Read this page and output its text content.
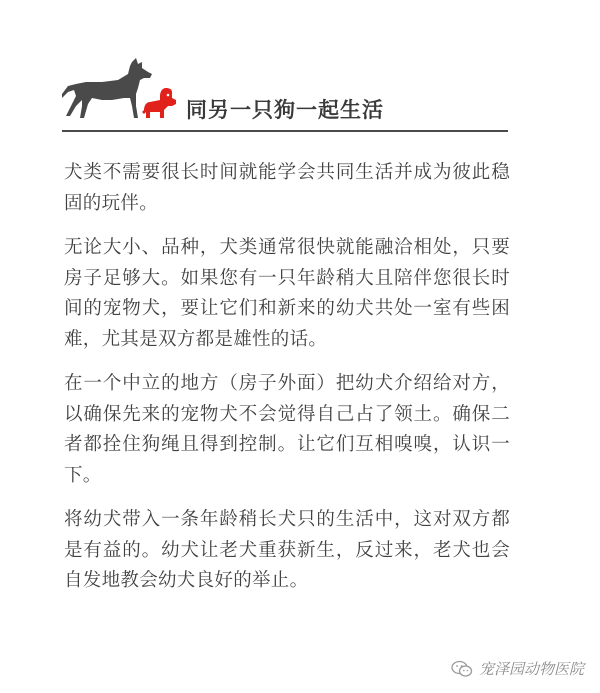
同另一只狗一起生活

犬类不需要很长时间就能学会共同生活并成为彼此稳固的玩伴。

无论大小、品种，犬类通常很快就能融洽相处，只要房子足够大。如果您有一只年龄稍大且陪伴您很长时间的宠物犬，要让它们和新来的幼犬共处一室有些困难，尤其是双方都是雄性的话。

在一个中立的地方（房子外面）把幼犬介绍给对方，以确保先来的宠物犬不会觉得自己占了领土。确保二者都拴住狗绳且得到控制。让它们互相嗅嗅，认识一下。

将幼犬带入一条年龄稍长犬只的生活中，这对双方都是有益的。幼犬让老犬重获新生，反过来，老犬也会自发地教会幼犬良好的举止。

宠泽园动物医院
